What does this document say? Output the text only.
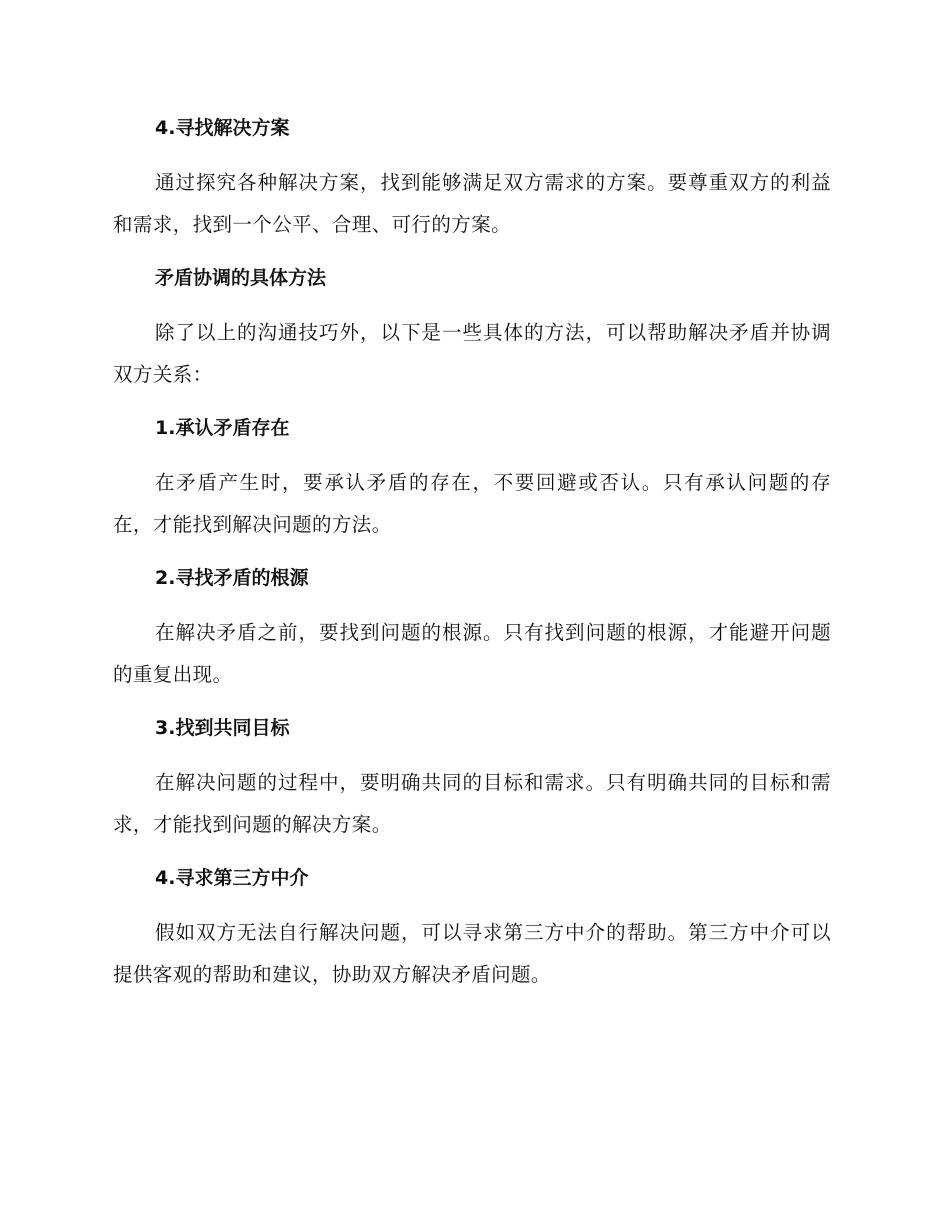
4.寻找解决方案

通过探究各种解决方案，找到能够满足双方需求的方案。要尊重双方的利益和需求，找到一个公平、合理、可行的方案。

矛盾协调的具体方法

除了以上的沟通技巧外，以下是一些具体的方法，可以帮助解决矛盾并协调双方关系：

1.承认矛盾存在

在矛盾产生时，要承认矛盾的存在，不要回避或否认。只有承认问题的存在，才能找到解决问题的方法。

2.寻找矛盾的根源

在解决矛盾之前，要找到问题的根源。只有找到问题的根源，才能避开问题的重复出现。

3.找到共同目标

在解决问题的过程中，要明确共同的目标和需求。只有明确共同的目标和需求，才能找到问题的解决方案。

4.寻求第三方中介

假如双方无法自行解决问题，可以寻求第三方中介的帮助。第三方中介可以提供客观的帮助和建议，协助双方解决矛盾问题。
